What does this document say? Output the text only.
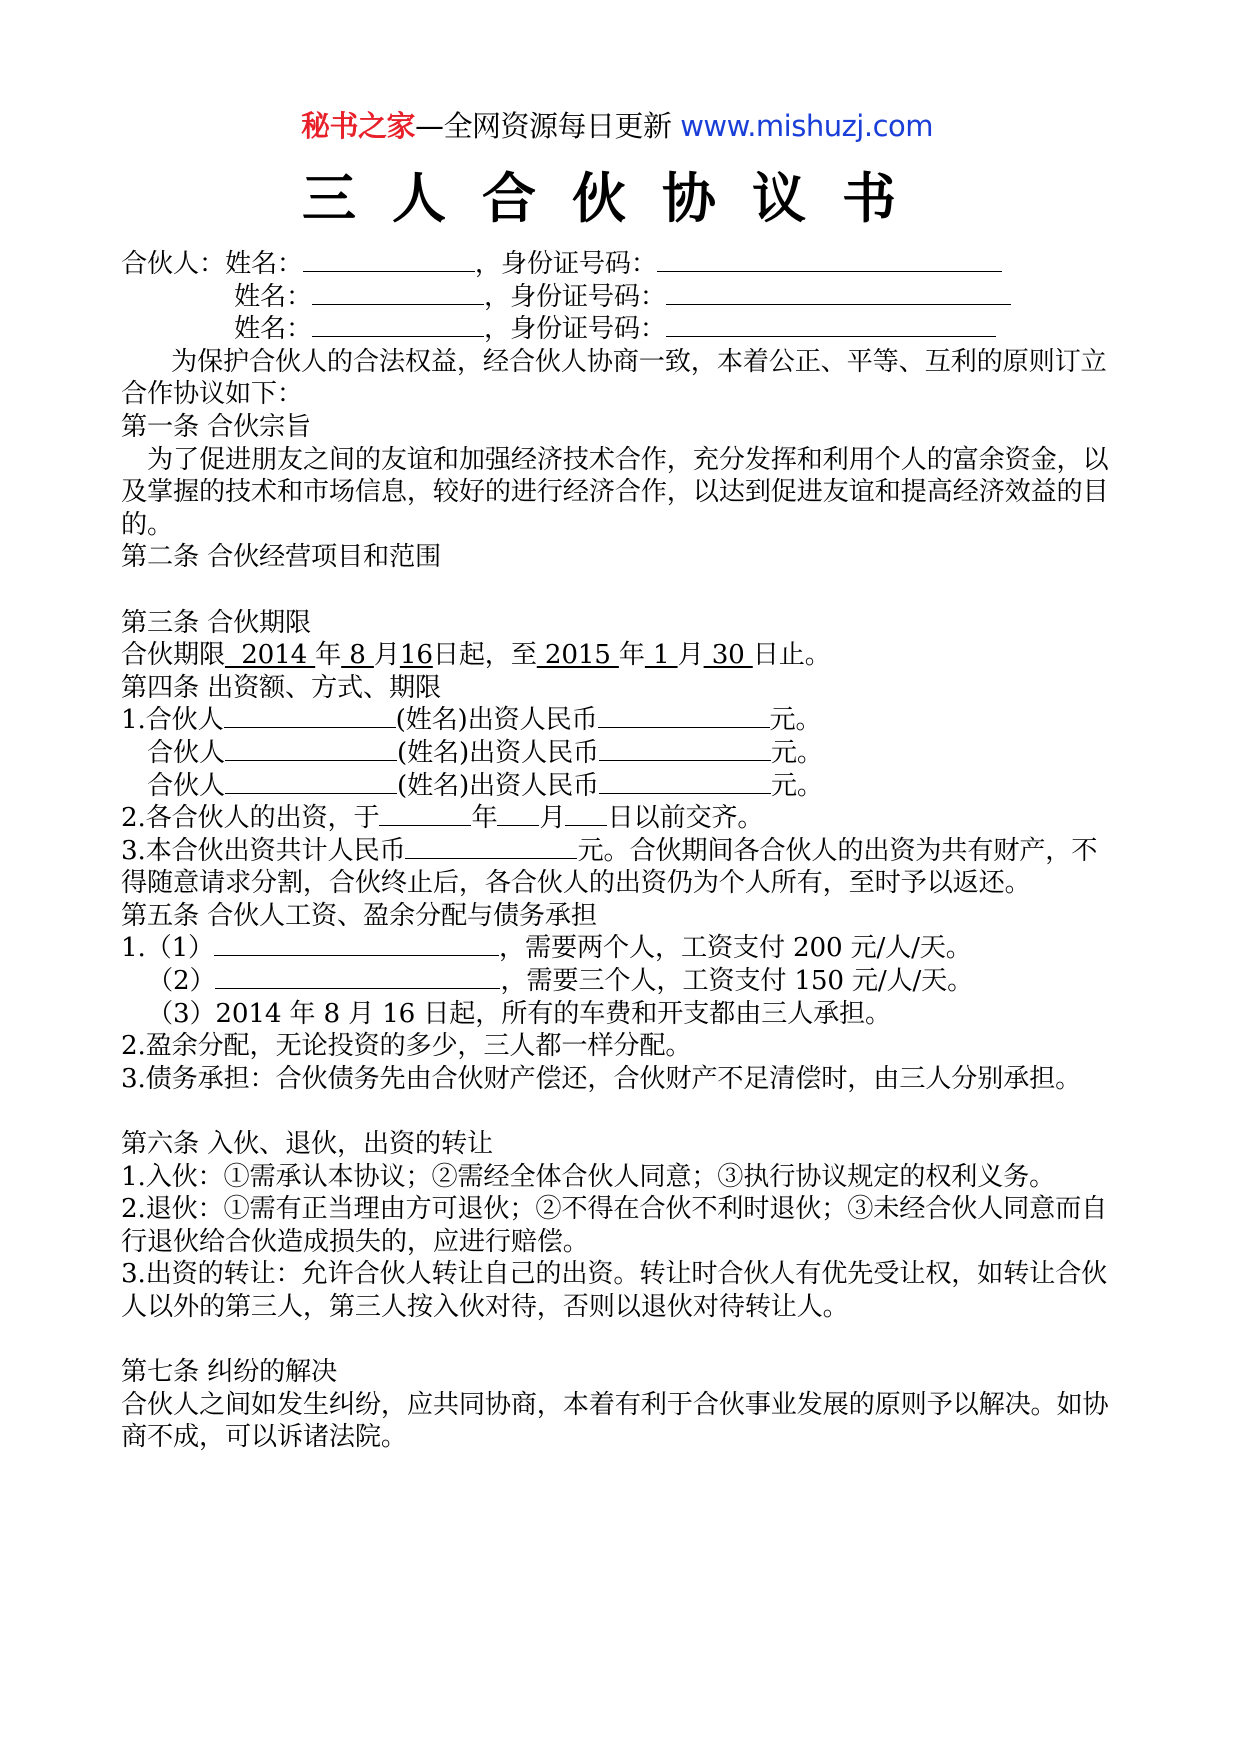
秘书之家—全网资源每日更新 www.mishuzj.com
三人合伙协议书
合伙人：姓名：	，身份证号码：
姓名：	，身份证号码：
姓名：	，身份证号码：
为保护合伙人的合法权益，经合伙人协商一致，本着公正、平等、互利的原则订立合作协议如下：
第一条 合伙宗旨
为了促进朋友之间的友谊和加强经济技术合作，充分发挥和利用个人的富余资金，以及掌握的技术和市场信息，较好的进行经济合作，以达到促进友谊和提高经济效益的目的。
第二条 合伙经营项目和范围
第三条 合伙期限
合伙期限  2014 年 8 月16日起，至 2015 年 1 月 30 日止。
第四条 出资额、方式、期限
1.合伙人	(姓名)出资人民币	元。
合伙人	(姓名)出资人民币	元。
合伙人	(姓名)出资人民币	元。
2.各合伙人的出资，于	年 月 日以前交齐。
3.本合伙出资共计人民币	元。合伙期间各合伙人的出资为共有财产，不得随意请求分割，合伙终止后，各合伙人的出资仍为个人所有，至时予以返还。
第五条 合伙人工资、盈余分配与债务承担
1.（1）	，需要两个人，工资支付 200 元/人/天。
（2）	，需要三个人，工资支付 150 元/人/天。
（3）2014 年 8 月 16 日起，所有的车费和开支都由三人承担。
2.盈余分配，无论投资的多少，三人都一样分配。
3.债务承担：合伙债务先由合伙财产偿还，合伙财产不足清偿时，由三人分别承担。
第六条 入伙、退伙，出资的转让
1.入伙：①需承认本协议；②需经全体合伙人同意；③执行协议规定的权利义务。
2.退伙：①需有正当理由方可退伙；②不得在合伙不利时退伙；③未经合伙人同意而自行退伙给合伙造成损失的，应进行赔偿。
3.出资的转让：允许合伙人转让自己的出资。转让时合伙人有优先受让权，如转让合伙人以外的第三人，第三人按入伙对待，否则以退伙对待转让人。
第七条 纠纷的解决
合伙人之间如发生纠纷，应共同协商，本着有利于合伙事业发展的原则予以解决。如协商不成，可以诉诸法院。
